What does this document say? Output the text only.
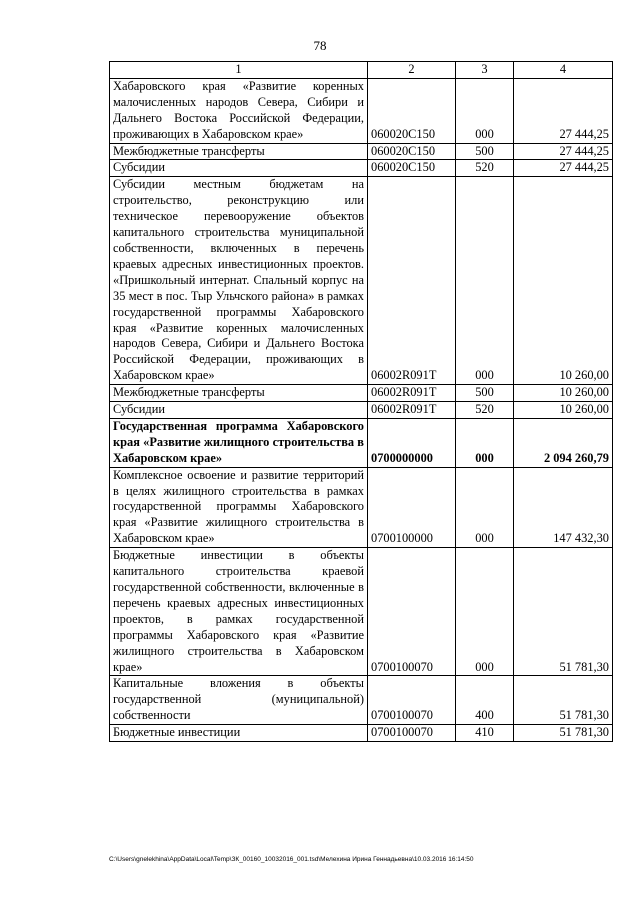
78
1	2	3	4
Хабаровского края «Развитие коренных малочисленных народов Севера, Сибири и Дальнего Востока Российской Федерации, проживающих в Хабаровском крае»	060020С150	000	27 444,25
Межбюджетные трансферты	060020С150	500	27 444,25
Субсидии	060020С150	520	27 444,25
Субсидии местным бюджетам на строительство, реконструкцию или техническое перевооружение объектов капитального строительства муниципальной собственности, включенных в перечень краевых адресных инвестиционных проектов. «Пришкольный интернат. Спальный корпус на 35 мест в пос. Тыр Ульчского района» в рамках государственной программы Хабаровского края «Развитие коренных малочисленных народов Севера, Сибири и Дальнего Востока Российской Федерации, проживающих в Хабаровском крае»	06002R091T	000	10 260,00
Межбюджетные трансферты	06002R091T	500	10 260,00
Субсидии	06002R091T	520	10 260,00
Государственная программа Хабаровского края «Развитие жилищного строительства в Хабаровском крае»	0700000000	000	2 094 260,79
Комплексное освоение и развитие территорий в целях жилищного строительства в рамках государственной программы Хабаровского края «Развитие жилищного строительства в Хабаровском крае»	0700100000	000	147 432,30
Бюджетные инвестиции в объекты капитального строительства краевой государственной собственности, включенные в перечень краевых адресных инвестиционных проектов, в рамках государственной программы Хабаровского края «Развитие жилищного строительства в Хабаровском крае»	0700100070	000	51 781,30
Капитальные вложения в объекты государственной (муниципальной) собственности	0700100070	400	51 781,30
Бюджетные инвестиции	0700100070	410	51 781,30
C:\Users\gnelekhina\AppData\Local\Temp\ЗК_00160_10032016_001.tsd\Мелехина Ирина Геннадьевна\10.03.2016 16:14:50
